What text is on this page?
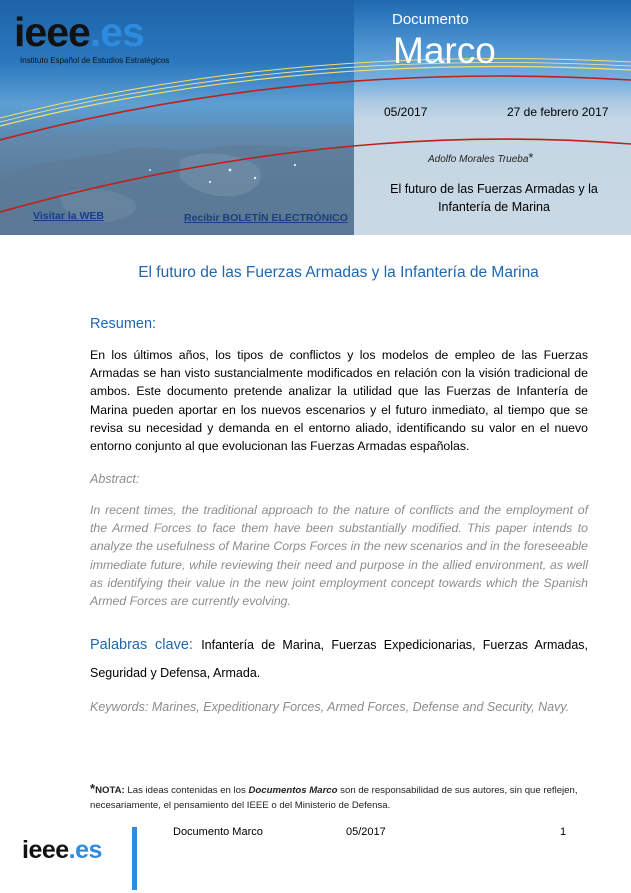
ieee.es
Instituto Español de Estudios Estratégicos
Documento
Marco
05/2017	27 de febrero 2017
Adolfo Morales Trueba*
El futuro de las Fuerzas Armadas y la Infantería de Marina
Visitar la WEB	Recibir BOLETÍN ELECTRÓNICO
El futuro de las Fuerzas Armadas y la Infantería de Marina
Resumen:
En los últimos años, los tipos de conflictos y los modelos de empleo de las Fuerzas Armadas se han visto sustancialmente modificados en relación con la visión tradicional de ambos. Este documento pretende analizar la utilidad que las Fuerzas de Infantería de Marina pueden aportar en los nuevos escenarios y el futuro inmediato, al tiempo que se revisa su necesidad y demanda en el entorno aliado, identificando su valor en el nuevo entorno conjunto al que evolucionan las Fuerzas Armadas españolas.
Abstract:
In recent times, the traditional approach to the nature of conflicts and the employment of the Armed Forces to face them have been substantially modified. This paper intends to analyze the usefulness of Marine Corps Forces in the new scenarios and in the foreseeable immediate future, while reviewing their need and purpose in the allied environment, as well as identifying their value in the new joint employment concept towards which the Spanish Armed Forces are currently evolving.
Palabras clave: Infantería de Marina, Fuerzas Expedicionarias, Fuerzas Armadas, Seguridad y Defensa, Armada.
Keywords: Marines, Expeditionary Forces, Armed Forces, Defense and Security, Navy.
*NOTA: Las ideas contenidas en los Documentos Marco son de responsabilidad de sus autores, sin que reflejen, necesariamente, el pensamiento del IEEE o del Ministerio de Defensa.
ieee.es
Documento Marco	05/2017	1
